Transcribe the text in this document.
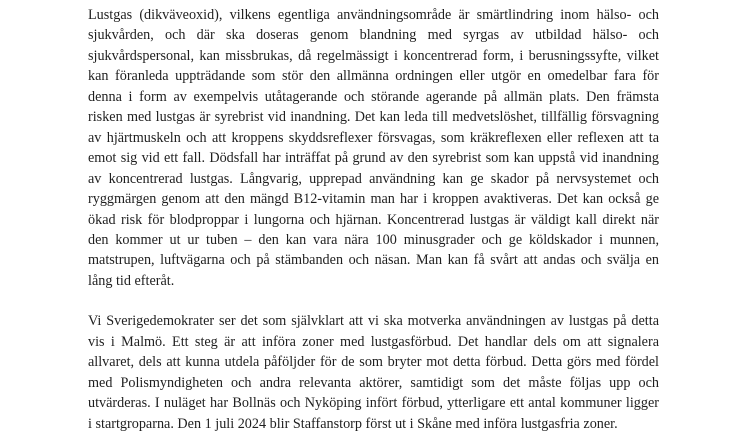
Lustgas (dikväveoxid), vilkens egentliga användningsområde är smärtlindring inom hälso- och
sjukvården, och där ska doseras genom blandning med syrgas av utbildad hälso- och
sjukvårdspersonal, kan missbrukas, då regelmässigt i koncentrerad form, i berusningssyfte, vilket
kan föranleda uppträdande som stör den allmänna ordningen eller utgör en omedelbar fara för
denna i form av exempelvis utåtagerande och störande agerande på allmän plats. Den främsta
risken med lustgas är syrebrist vid inandning. Det kan leda till medvetslöshet, tillfällig försvagning
av hjärtmuskeln och att kroppens skyddsreflexer försvagas, som kräkreflexen eller reflexen att ta
emot sig vid ett fall. Dödsfall har inträffat på grund av den syrebrist som kan uppstå vid inandning
av koncentrerad lustgas. Långvarig, upprepad användning kan ge skador på nervsystemet och
ryggmärgen genom att den mängd B12-vitamin man har i kroppen avaktiveras. Det kan också ge
ökad risk för blodproppar i lungorna och hjärnan. Koncentrerad lustgas är väldigt kall direkt när
den kommer ut ur tuben – den kan vara nära 100 minusgrader och ge köldskador i munnen,
matstrupen, luftvägarna och på stämbanden och näsan. Man kan få svårt att andas och svälja en
lång tid efteråt.
Vi Sverigedemokrater ser det som självklart att vi ska motverka användningen av lustgas på detta
vis i Malmö. Ett steg är att införa zoner med lustgasförbud. Det handlar dels om att signalera
allvaret, dels att kunna utdela påföljder för de som bryter mot detta förbud. Detta görs med fördel
med Polismyndigheten och andra relevanta aktörer, samtidigt som det måste följas upp och
utvärderas. I nuläget har Bollnäs och Nyköping infört förbud, ytterligare ett antal kommuner ligger
i startgroparna. Den 1 juli 2024 blir Staffanstorp först ut i Skåne med införa lustgasfria zoner.
